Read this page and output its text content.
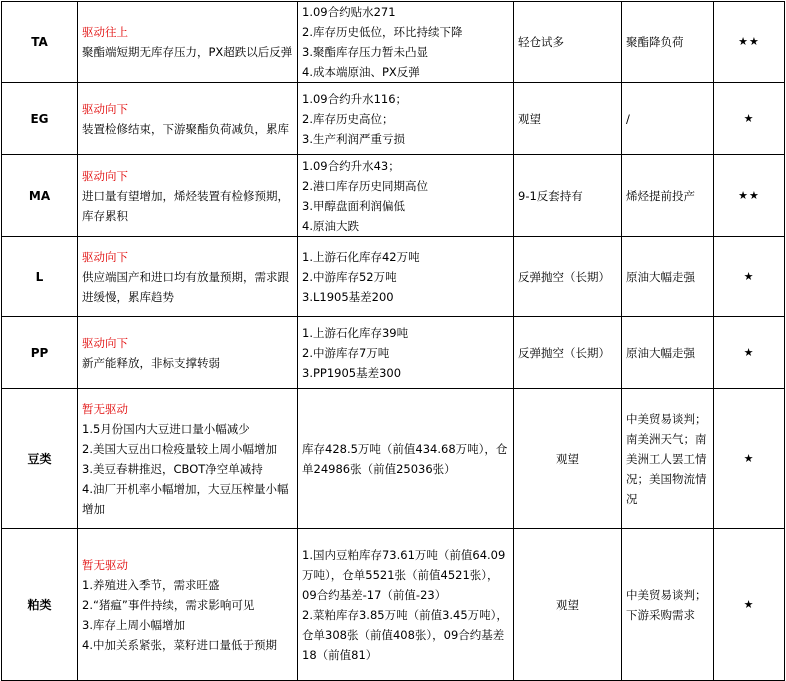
TA	驱动往上
聚酯端短期无库存压力，PX超跌以后反弹	1.09合约贴水271
2.库存历史低位，环比持续下降
3.聚酯库存压力暂未凸显
4.成本端原油、PX反弹	轻仓试多	聚酯降负荷	★★
EG	驱动向下
装置检修结束，下游聚酯负荷减负，累库	1.09合约升水116；
2.库存历史高位；
3.生产利润严重亏损	观望	/	★
MA	驱动向下
进口量有望增加，烯烃装置有检修预期，库存累积	1.09合约升水43；
2.港口库存历史同期高位
3.甲醇盘面利润偏低
4.原油大跌	9-1反套持有	烯烃提前投产	★★
L	驱动向下
供应端国产和进口均有放量预期，需求跟进缓慢，累库趋势	1.上游石化库存42万吨
2.中游库存52万吨
3.L1905基差200	反弹抛空（长期）	原油大幅走强	★
PP	驱动向下
新产能释放，非标支撑转弱	1.上游石化库存39吨
2.中游库存7万吨
3.PP1905基差300	反弹抛空（长期）	原油大幅走强	★
豆类	暂无驱动
1.5月份国内大豆进口量小幅减少
2.美国大豆出口检疫量较上周小幅增加
3.美豆春耕推迟，CBOT净空单减持
4.油厂开机率小幅增加，大豆压榨量小幅增加	库存428.5万吨（前值434.68万吨），仓单24986张（前值25036张）	观望	中美贸易谈判；南美洲天气；南美洲工人罢工情况；美国物流情况	★
粕类	暂无驱动
1.养殖进入季节，需求旺盛
2.“猪瘟”事件持续，需求影响可见
3.库存上周小幅增加
4.中加关系紧张，菜籽进口量低于预期	1.国内豆粕库存73.61万吨（前值64.09万吨），仓单5521张（前值4521张），09合约基差-17（前值-23）
2.菜粕库存3.85万吨（前值3.45万吨），仓单308张（前值408张），09合约基差18（前值81）	观望	中美贸易谈判；下游采购需求	★
